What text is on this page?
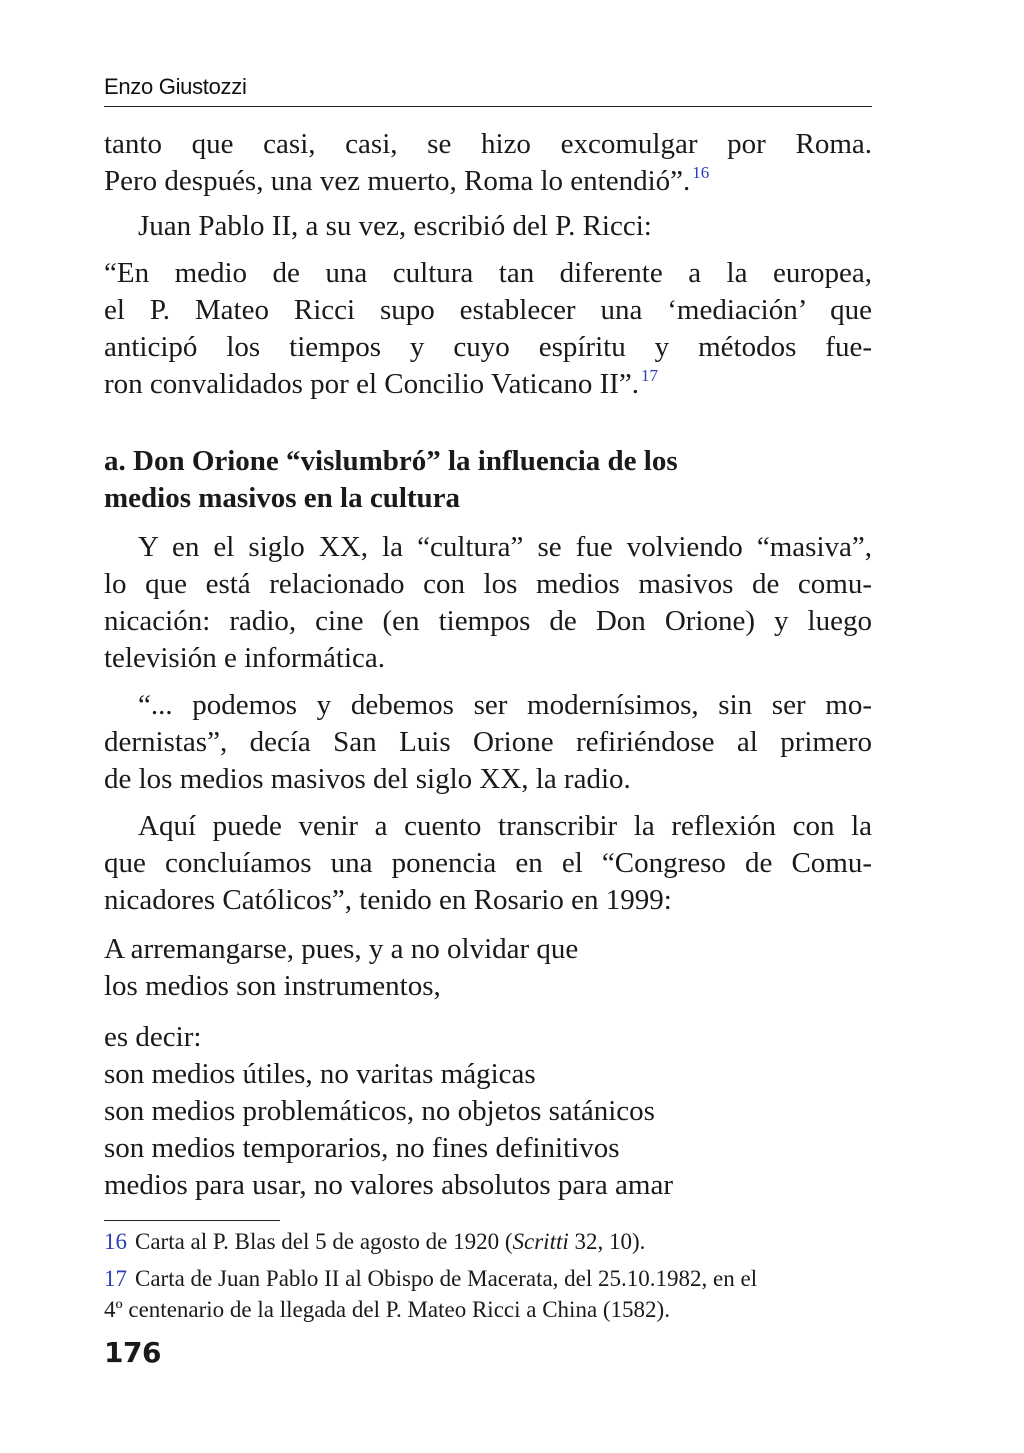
Enzo Giustozzi
tanto que casi, casi, se hizo excomulgar por Roma.
Pero después, una vez muerto, Roma lo entendió”. $^{16}$
Juan Pablo II, a su vez, escribió del P. Ricci:
“En medio de una cultura tan diferente a la europea,
el P. Mateo Ricci supo establecer una ‘mediación’ que
anticipó los tiempos y cuyo espíritu y métodos fue-
ron convalidados por el Concilio Vaticano II”. $^{17}$
a. Don Orione “vislumbró” la influencia de los
medios masivos en la cultura
Y en el siglo XX, la “cultura” se fue volviendo “masiva”,
lo que está relacionado con los medios masivos de comu-
nicación: radio, cine (en tiempos de Don Orione) y luego
televisión e informática.
“... podemos y debemos ser modernísimos, sin ser mo-
dernistas”, decía San Luis Orione refiriéndose al primero
de los medios masivos del siglo XX, la radio.
Aquí puede venir a cuento transcribir la reflexión con la
que concluíamos una ponencia en el “Congreso de Comu-
nicadores Católicos”, tenido en Rosario en 1999:
A arremangarse, pues, y a no olvidar que
los medios son instrumentos,
es decir:
son medios útiles, no varitas mágicas
son medios problemáticos, no objetos satánicos
son medios temporarios, no fines definitivos
medios para usar, no valores absolutos para amar
16 Carta al P. Blas del 5 de agosto de 1920 (Scritti 32, 10).
17 Carta de Juan Pablo II al Obispo de Macerata, del 25.10.1982, en el
4º centenario de la llegada del P. Mateo Ricci a China (1582).
176
